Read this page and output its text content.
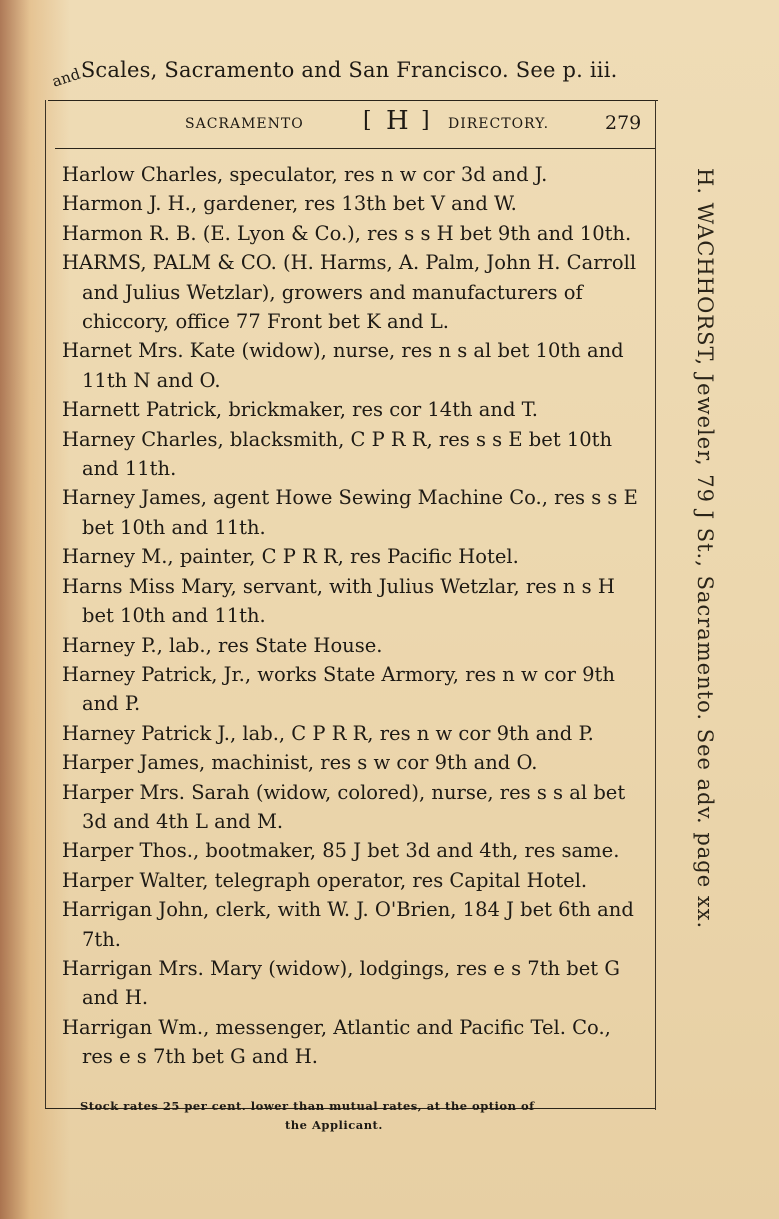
andScales, Sacramento and San Francisco. See p. iii.
SACRAMENTO	[ H ] DIRECTORY.	279

Harlow Charles, speculator, res n w cor 3d and J.

Harmon J. H., gardener, res 13th bet V and W.

Harmon R. B. (E. Lyon & Co.), res s s H bet 9th and 10th.

HARMS, PALM & CO. (H. Harms, A. Palm, John H. Carroll and Julius Wetzlar), growers and manufacturers of chiccory, office 77 Front bet K and L.

Harnet Mrs. Kate (widow), nurse, res n s al bet 10th and 11th N and O.

Harnett Patrick, brickmaker, res cor 14th and T.

Harney Charles, blacksmith, C P R R, res s s E bet 10th and 11th.

Harney James, agent Howe Sewing Machine Co., res s s E bet 10th and 11th.

Harney M., painter, C P R R, res Pacific Hotel.

Harns Miss Mary, servant, with Julius Wetzlar, res n s H bet 10th and 11th.

Harney P., lab., res State House.

Harney Patrick, Jr., works State Armory, res n w cor 9th and P.

Harney Patrick J., lab., C P R R, res n w cor 9th and P.

Harper James, machinist, res s w cor 9th and O.

Harper Mrs. Sarah (widow, colored), nurse, res s s al bet 3d and 4th L and M.

Harper Thos., bootmaker, 85 J bet 3d and 4th, res same.

Harper Walter, telegraph operator, res Capital Hotel.

Harrigan John, clerk, with W. J. O'Brien, 184 J bet 6th and 7th.

Harrigan Mrs. Mary (widow), lodgings, res e s 7th bet G and H.

Harrigan Wm., messenger, Atlantic and Pacific Tel. Co., res e s 7th bet G and H.

H. WACHHORST, Jeweler, 79 J St., Sacramento. See adv. page xx.
Stock rates 25 per cent. lower than mutual rates, at the option of
the Applicant.
